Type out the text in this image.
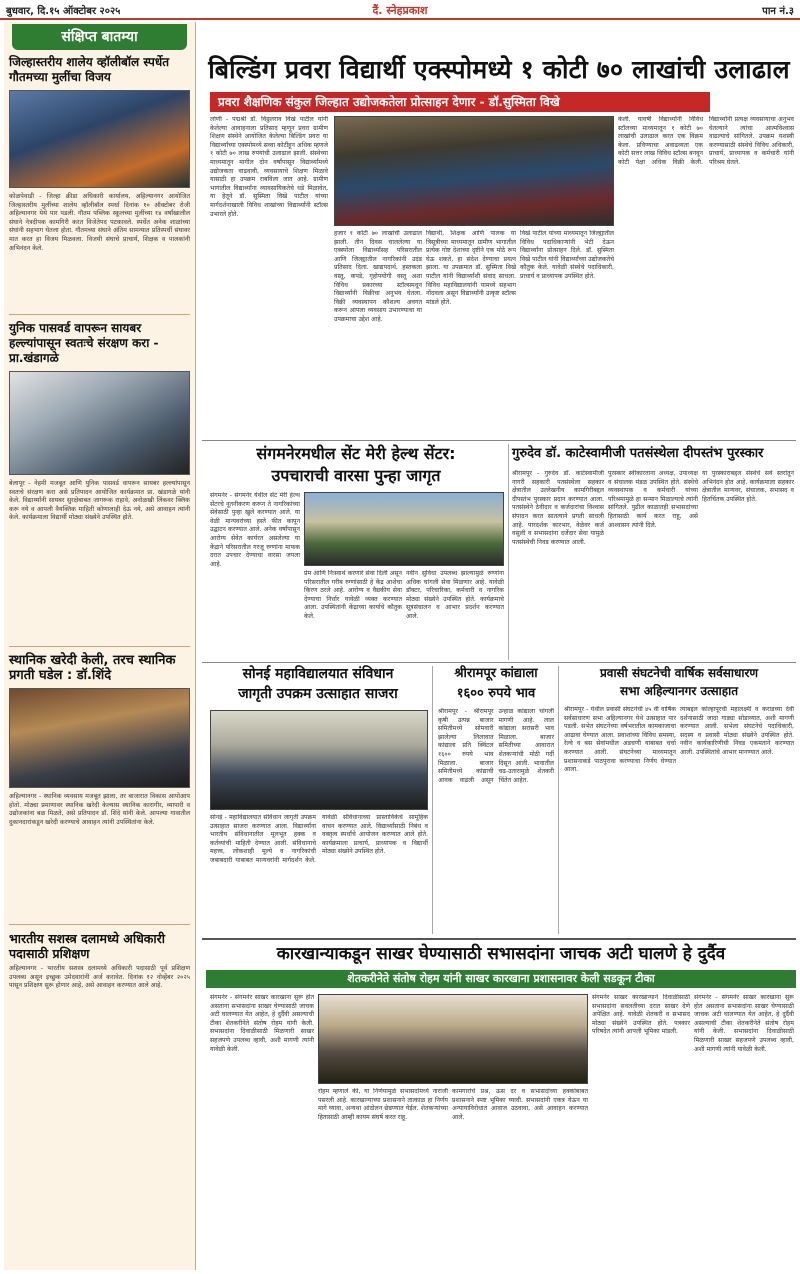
बुधवार, दि.१५ ऑक्टोबर २०२५	दैं. स्नेहप्रकाश	पान नं.३
संक्षिप्त बातम्या
जिल्हास्तरीय शालेय व्हॉलीबॉल स्पर्धेत गौतमच्या मुलींचा विजय
कोळपेवाडी - जिल्हा क्रीडा अधिकारी कार्यालय, अहिल्यानगर आयोजित जिल्हास्तरीय मुलींच्या शालेय व्हॉलीबॉल स्पर्धा दिनांक १० ऑक्टोबर रोजी अहिल्यानगर येथे पार पडली. गौतम पब्लिक स्कूलच्या मुलींच्या १४ वर्षांखालील संघाने नेत्रदीपक कामगिरी करत विजेतेपद पटकावले. स्पर्धेत अनेक शाळांच्या संघांनी सहभाग घेतला होता. गौतमच्या संघाने अंतिम सामन्यात प्रतिस्पर्धी संघावर मात करत हा विजय मिळवला. विजयी संघाचे प्राचार्य, शिक्षक व पालकांनी अभिनंदन केले.
युनिक पासवर्ड वापरून सायबर हल्ल्यांपासून स्वतःचे संरक्षण करा - प्रा.खंडागळे
बेलापूर - नेहमी मजबूत आणि युनिक पासवर्ड वापरून सायबर हल्ल्यांपासून स्वतःचे संरक्षण करा असे प्रतिपादन आयोजित कार्यक्रमात प्रा. खंडागळे यांनी केले. विद्यार्थ्यांनी सायबर सुरक्षेबाबत जागरूक राहावे, अनोळखी लिंकवर क्लिक करू नये व आपली वैयक्तिक माहिती कोणालाही देऊ नये, असे आवाहन त्यांनी केले. कार्यक्रमाला विद्यार्थी मोठ्या संख्येने उपस्थित होते.
स्थानिक खरेदी केली, तरच स्थानिक प्रगती घडेल : डॉ.शिंदे
अहिल्यानगर - स्थानिक व्यवसाय मजबूत झाला, तर बाजारात विकास आपोआप होतो. मोठ्या प्रमाणावर स्थानिक खरेदी केल्यास स्थानिक कारागीर, व्यापारी व उद्योजकांना बळ मिळते, असे प्रतिपादन डॉ. शिंदे यांनी केले. आपल्या गावातील दुकानदारांकडून खरेदी करण्याचे आवाहन त्यांनी उपस्थितांना केले.
भारतीय सशस्त्र दलामध्ये अधिकारी पदासाठी प्रशिक्षण
अहिल्यानगर - भारतीय सशस्त्र दलामध्ये अधिकारी पदासाठी पूर्व प्रशिक्षण उपलब्ध असून इच्छुक उमेदवारांनी अर्ज करावेत. दिनांक १२ नोव्हेंबर २०२५ पासून प्रशिक्षण सुरू होणार आहे, असे आवाहन करण्यात आले आहे.
बिल्डिंग प्रवरा विद्यार्थी एक्स्पोमध्ये १ कोटी ७० लाखांची उलाढाल
प्रवरा शैक्षणिक संकुल जिल्हात उद्योजकतेला प्रोत्साहन देणार - डॉ.सुस्मिता विखे
लोणी - पद्मश्री डॉ. विठ्ठलराव विखे पाटील यांनी केलेल्या आवाहनाला प्रतिसाद म्हणून प्रवरा ग्रामीण शिक्षण संस्थेने आयोजित केलेल्या बिल्डिंग प्रवरा या विद्यार्थ्यांच्या एक्स्पोमध्ये सव्वा कोटींहून अधिक म्हणजे १ कोटी ७० लाख रुपयांची उलाढाल झाली. संस्थेच्या माध्यमातून मागील दोन वर्षांपासून विद्यार्थ्यांमध्ये उद्योजकता वाढवावी, व्यवसायाचे शिक्षण मिळावे यासाठी हा उपक्रम राबविला जात आहे. ग्रामीण भागातील विद्यार्थ्यांना व्यावसायिकतेचे धडे मिळावेत, या हेतूने डॉ. सुस्मिता विखे पाटील यांच्या मार्गदर्शनाखाली विविध शाखांच्या विद्यार्थ्यांनी स्टॉल्स उभारले होते.
हजार १ कोटी ७० लाखांची उलाढाल झाली. तीन दिवस चाललेल्या या एक्स्पोला विद्यार्थ्यांसह परिसरातील आणि जिल्ह्यातील नागरिकांनी उदंड प्रतिसाद दिला. खाद्यपदार्थ, हस्तकला वस्तू, कपडे, गृहोपयोगी वस्तू अशा विविध प्रकारच्या स्टॉल्समधून विद्यार्थ्यांनी विक्रीचा अनुभव घेतला. विक्री व्यवस्थापन कौशल्य अवगत करून आपला व्यवसाय उभारण्याचा या उपक्रमाचा उद्देश आहे.
विद्यार्थी, शिक्षक आणि पालक या त्रिसूत्रीच्या माध्यमातून ग्रामीण भागातील प्रत्येक गोष्ट देशाच्या दृष्टीने एक मोठे रूप घेऊ शकते, हा संदेश देण्याचा प्रयत्न झाला. या उपक्रमात डॉ. सुस्मिता विखे पाटील यांनी विद्यार्थ्यांशी संवाद साधला. विविध महाविद्यालयांनी यामध्ये सहभाग नोंदवला असून विद्यार्थ्यांनी उत्कृष्ट स्टॉल्स मांडले होते.
विखे पाटील यांच्या माध्यमातून जिल्ह्यातील विविध पदाधिकाऱ्यांनी भेटी देऊन विद्यार्थ्यांना प्रोत्साहन दिले. डॉ. सुस्मिता विखे पाटील यांनी विद्यार्थ्यांच्या उद्योजकतेचे कौतुक केले. यावेळी संस्थेचे पदाधिकारी, प्राचार्य व प्राध्यापक उपस्थित होते.
केली. यावर्षी विद्यार्थ्यांनी विविध स्टॉलच्या माध्यमातून १ कोटी ७० लाखांची उलाढाल करत एक विक्रम केला. प्रविण्याचा अवाढव्यता एक कोटी सत्तर लाख विविध स्टॉल्स बनवून कोटी पेक्षा अधिक विक्री केली. विद्यार्थ्यांनी प्रत्यक्ष व्यवसायाचा अनुभव घेतल्याने त्यांचा आत्मविश्वास वाढल्याचे सांगितले. उपक्रम यशस्वी करण्यासाठी संस्थेचे विविध अधिकारी, प्राचार्य, प्राध्यापक व कर्मचारी यांनी परिश्रम घेतले.
संगमनेरमधील सेंट मेरी हेल्थ सेंटर:
उपचाराची वारसा पुन्हा जागृत
संगमनेर - संगमनेर येथील सेंट मेरी हेल्थ सेंटरचे नूतनीकरण करून ते नागरिकांच्या सेवेसाठी पुन्हा खुले करण्यात आले. या वेळी मान्यवरांच्या हस्ते फीत कापून उद्घाटन करण्यात आले. अनेक वर्षांपासून आरोग्य सेवेत कार्यरत असलेल्या या केंद्राने परिसरातील गरजू रुग्णांना माफक दरात उपचार देण्याचा वारसा जपला आहे.
प्रेम आणि निःस्वार्थ करणारे सेवा दिली असून परिसरातील गरीब रुग्णांसाठी हे केंद्र आशेचा किरण ठरले आहे. आरोग्य व वैद्यकीय सेवा देण्याचा निर्धार यावेळी व्यक्त करण्यात आला. उपस्थितांनी केंद्राच्या कार्याचे कौतुक केले.
नवीन सुविधा उपलब्ध झाल्यामुळे रुग्णांना अधिक चांगली सेवा मिळणार आहे. यावेळी डॉक्टर, परिचारिका, कर्मचारी व नागरिक मोठ्या संख्येने उपस्थित होते. कार्यक्रमाचे सूत्रसंचालन व आभार प्रदर्शन करण्यात आले.
गुरुदेव डॉ. काटेस्वामीजी पतसंस्थेला दीपस्तंभ पुरस्कार
श्रीरामपूर - गुरुदेव डॉ. काटेस्वामीजी नागरी सहकारी पतसंस्थेला सहकार क्षेत्रातील उल्लेखनीय कामगिरीबद्दल दीपस्तंभ पुरस्कार प्रदान करण्यात आला. पतसंस्थेने ठेवीदार व कर्जदारांचा विश्वास संपादन करत सातत्याने प्रगती साधली आहे. पारदर्शक कारभार, वेळेवर कर्ज वसुली व सभासदांना दर्जेदार सेवा यामुळे पतसंस्थेची निवड करण्यात आली.
पुरस्कार स्वीकारताना अध्यक्ष, उपाध्यक्ष व संचालक मंडळ उपस्थित होते. संस्थेचे व्यवस्थापक व कर्मचारी यांच्या परिश्रमामुळे हा सन्मान मिळाल्याचे त्यांनी सांगितले. पुढील काळातही सभासदांच्या हितासाठी कार्य करत राहू, असे आश्वासन त्यांनी दिले.
या पुरस्काराबद्दल संस्थेचे सर्व स्तरांतून अभिनंदन होत आहे. कार्यक्रमाला सहकार क्षेत्रातील मान्यवर, संचालक, सभासद व हितचिंतक उपस्थित होते.
सोनई महाविद्यालयात संविधान
जागृती उपक्रम उत्साहात साजरा
सोनई - महाविद्यालयात संविधान जागृती उपक्रम उत्साहात साजरा करण्यात आला. विद्यार्थ्यांना भारतीय संविधानातील मूलभूत हक्क व कर्तव्यांची माहिती देण्यात आली. संविधानाचे महत्त्व, लोकशाही मूल्ये व नागरिकांची जबाबदारी याबाबत मान्यवरांनी मार्गदर्शन केले. यावेळी संविधानाच्या प्रास्ताविकेचे सामूहिक वाचन करण्यात आले. विद्यार्थ्यांसाठी निबंध व वक्तृत्व स्पर्धांचे आयोजन करण्यात आले होते. कार्यक्रमाला प्राचार्य, प्राध्यापक व विद्यार्थी मोठ्या संख्येने उपस्थित होते.
श्रीरामपूर कांद्याला
१६०० रुपये भाव
श्रीरामपूर - श्रीरामपूर कृषी उत्पन्न बाजार समितीमध्ये सोमवारी झालेल्या लिलावात कांद्याला प्रति क्विंटल १६०० रुपये भाव मिळाला. बाजार समितीमध्ये कांद्याची आवक वाढली असून उन्हाळ कांद्याला चांगली मागणी आहे. लाल कांद्याला सरासरी भाव मिळाला. बाजार समितीच्या आवारात शेतकऱ्यांची मोठी गर्दी दिसून आली. भावातील चढ-उतारामुळे शेतकरी चिंतेत आहेत.
प्रवासी संघटनेची वार्षिक सर्वसाधारण
सभा अहिल्यानगर उत्साहात
श्रीरामपूर - येथील प्रवासी संघटनेची ४५ वी वार्षिक सर्वसाधारण सभा अहिल्यानगर येथे उत्साहात पार पडली. सभेत संघटनेच्या वर्षभरातील कामकाजाचा आढावा घेण्यात आला. प्रवाशांच्या विविध समस्या, रेल्वे व बस सेवांमधील अडचणी याबाबत चर्चा करण्यात आली. संघटनेच्या माध्यमातून प्रशासनाकडे पाठपुरावा करण्याचा निर्णय घेण्यात आला.
त्याबद्दल कोल्हापूरची महालक्ष्मी व कराडच्या देवी दर्शनासाठी जादा गाड्या सोडाव्यात, अशी मागणी करण्यात आली. सभेला संघटनेचे पदाधिकारी, सदस्य व प्रवासी मोठ्या संख्येने उपस्थित होते. नवीन कार्यकारिणीची निवड एकमताने करण्यात आली. उपस्थितांचे आभार मानण्यात आले.
कारखान्याकडून साखर घेण्यासाठी सभासदांना जाचक अटी घालणे हे दुर्दैव
शेतकरीनेते संतोष रोहम यांनी साखर कारखाना प्रशासनावर केली सडकून टीका
संगमनेर - संगमनेर साखर कारखाना सुरू होत असताना सभासदांना साखर घेण्यासाठी जाचक अटी घालण्यात येत आहेत, हे दुर्दैवी असल्याची टीका शेतकरीनेते संतोष रोहम यांनी केली. सभासदांना दिवाळीसाठी मिळणारी साखर सहजपणे उपलब्ध व्हावी, अशी मागणी त्यांनी यावेळी केली.
रोहम म्हणाले की, या निर्णयामुळे सभासदांमध्ये नाराजी पसरली आहे. कारखान्याच्या प्रशासनाने तात्काळ हा निर्णय मागे घ्यावा, अन्यथा आंदोलन छेडण्यात येईल. शेतकऱ्यांच्या हितासाठी आम्ही कायम संघर्ष करत राहू.
कामगारांचे प्रश्न, ऊस दर व सभासदांच्या हक्कांबाबत प्रशासनाने स्पष्ट भूमिका घ्यावी. सभासदांनी एकत्र येऊन या अन्यायाविरोधात आवाज उठवावा, असे आवाहन करण्यात आले.
संगमनेर साखर कारखान्याने दिवाळीसाठी सभासदांना सवलतीच्या दरात साखर देणे अपेक्षित आहे. यावेळी शेतकरी व सभासद मोठ्या संख्येने उपस्थित होते. पत्रकार परिषदेत त्यांनी आपली भूमिका मांडली.
संगमनेर - संगमनेर साखर कारखाना सुरू होत असताना सभासदांना साखर घेण्यासाठी जाचक अटी घालण्यात येत आहेत, हे दुर्दैवी असल्याची टीका शेतकरीनेते संतोष रोहम यांनी केली. सभासदांना दिवाळीसाठी मिळणारी साखर सहजपणे उपलब्ध व्हावी, अशी मागणी त्यांनी यावेळी केली.
